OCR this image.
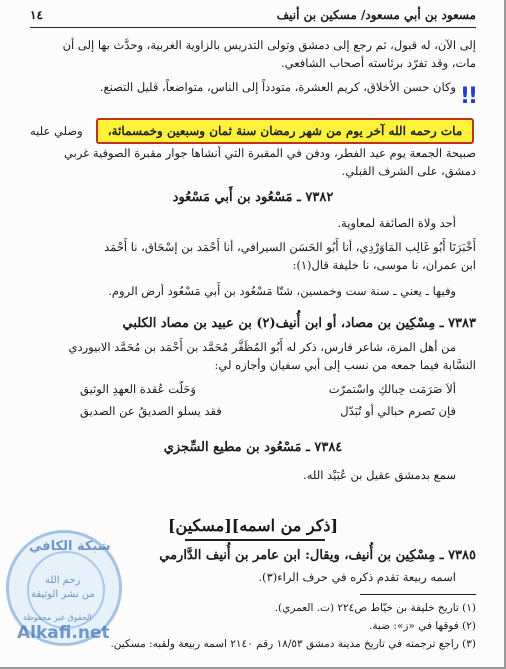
١٤	مسعود بن أبي مسعود/ مسكين بن أنيف
إلى الآن، له قبول، ثم رجع إلى دمشق وتولى التدريس بالزاوية الغربية، وحدَّث بها إلى أن
مات، وقد تفرّد برئاسته أصحاب الشافعي.
وكان حسن الأخلاق، كريم العشرة، متودداً إلى الناس، متواضعاً، قليل التصنع. !!
مات رحمه الله آخر يوم من شهر رمضان سنة ثمان وسبعين وخمسمائة،
وصلي عليه
صبيحة الجمعة يوم عيد الفطر، ودفن في المقبرة التي أنشاها جوار مقبرة الصوفية غربي
دمشق، على الشرف القبلي.
٧٣٨٢ ـ مَسْعُود بن أَبي مَسْعُود
أحد ولاة الصائفة لمعاوية.
أَخْبَرَنَا أَبُو غَالِب المَاوَرْدِي، أنا أَبُو الحَسَن السيرافي، أنا أَحْمَد بن إسْحَاق، نا أَحْمَد
ابن عمران، نا موسى، نا خليفة قال(١):
وفيها ـ يعني ـ سنة ست وخمسين، شتّا مَسْعُود بن أَبي مَسْعُود أرض الروم.
٧٣٨٣ ـ مِسْكِين بن مصاد، أو ابن أُنيف(٢) بن عبيد بن مصاد الكلبي
من أهل المزة، شاعر فارس، ذكر له أَبُو المُظَفَّر مُحَمَّد بن أَحْمَد بن مُحَمَّد الابيوردي
النسَّابة فيما جمعه من نسب إلى أبي سفيان وأجازه لي:
ألاَ صَرَمَت حِبالكِ واسْتمرّت
وَحَلّت عُقدة العهدِ الوثيق
فإن تَصرم حبالي أو تُبَدّل
فقد يسلو الصديقُ عن الصديق
٧٣٨٤ ـ مَسْعُود بن مطيع السِّجزي
سمع بدمشق عقيل بن عُبَيْد الله.
[ذكر من اسمه][مسكين]
٧٣٨٥ ـ مِسْكِين بن أُنيف، ويقال: ابن عامر بن أُنيف الدَّارمي
اسمه ربيعة تقدم ذكره في حرف الراء(٣).
(١) تاريخ خليفة بن خيّاط ص٢٢٤ (ت. العمري).
(٢) فوقها في «ز»: ضبة.
(٣) راجع ترجمته في تاريخ مدينة دمشق ١٨/٥٣ رقم ٢١٤٠ اسمه ربيعة ولقبه: مسكين.
شبكة الكافي
رحم الله
من نشر الوثيقة
الحقوق غير محفوظة
Alkafi.net
